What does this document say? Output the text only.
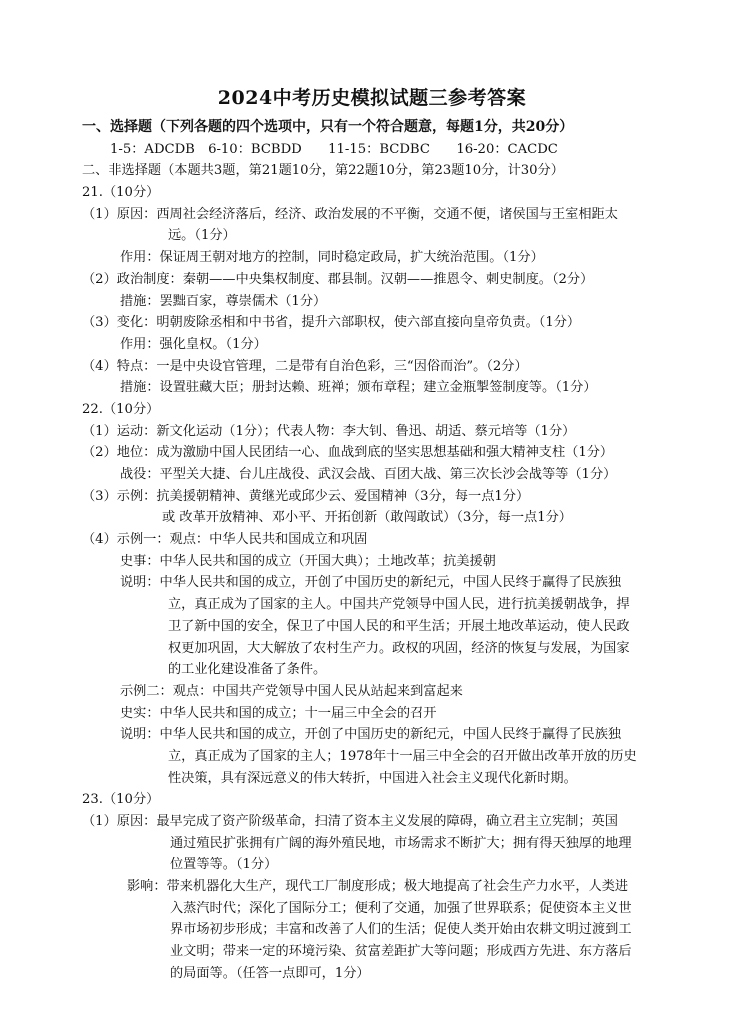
2024中考历史模拟试题三参考答案
一、选择题（下列各题的四个选项中，只有一个符合题意，每题1分，共20分）
1-5：ADCDB　6-10：BCBDD　　11-15：BCDBC　　16-20：CACDC
二、非选择题（本题共3题，第21题10分，第22题10分，第23题10分，计30分）
21.（10分）
（1）原因：西周社会经济落后，经济、政治发展的不平衡，交通不便，诸侯国与王室相距太
远。（1分）
作用：保证周王朝对地方的控制，同时稳定政局，扩大统治范围。（1分）
（2）政治制度：秦朝——中央集权制度、郡县制。汉朝——推恩令、刺史制度。（2分）
措施：罢黜百家，尊崇儒术（1分）
（3）变化：明朝废除丞相和中书省，提升六部职权，使六部直接向皇帝负责。（1分）
作用：强化皇权。（1分）
（4）特点：一是中央设官管理，二是带有自治色彩，三“因俗而治”。（2分）
措施：设置驻藏大臣；册封达赖、班禅；颁布章程；建立金瓶掣签制度等。（1分）
22.（10分）
（1）运动：新文化运动（1分）；代表人物：李大钊、鲁迅、胡适、蔡元培等（1分）
（2）地位：成为激励中国人民团结一心、血战到底的坚实思想基础和强大精神支柱（1分）
战役：平型关大捷、台儿庄战役、武汉会战、百团大战、第三次长沙会战等等（1分）
（3）示例：抗美援朝精神、黄继光或邱少云、爱国精神（3分，每一点1分）
或 改革开放精神、邓小平、开拓创新（敢闯敢试）（3分，每一点1分）
（4）示例一：观点：中华人民共和国成立和巩固
史事：中华人民共和国的成立（开国大典）；土地改革；抗美援朝
说明：中华人民共和国的成立，开创了中国历史的新纪元，中国人民终于赢得了民族独
立，真正成为了国家的主人。中国共产党领导中国人民，进行抗美援朝战争，捍
卫了新中国的安全，保卫了中国人民的和平生活；开展土地改革运动，使人民政
权更加巩固，大大解放了农村生产力。政权的巩固，经济的恢复与发展，为国家
的工业化建设准备了条件。
示例二：观点：中国共产党领导中国人民从站起来到富起来
史实：中华人民共和国的成立；十一届三中全会的召开
说明：中华人民共和国的成立，开创了中国历史的新纪元，中国人民终于赢得了民族独
立，真正成为了国家的主人；1978年十一届三中全会的召开做出改革开放的历史
性决策，具有深远意义的伟大转折，中国进入社会主义现代化新时期。
23.（10分）
（1）原因：最早完成了资产阶级革命，扫清了资本主义发展的障碍，确立君主立宪制；英国
通过殖民扩张拥有广阔的海外殖民地，市场需求不断扩大；拥有得天独厚的地理
位置等等。（1分）
影响：带来机器化大生产，现代工厂制度形成；极大地提高了社会生产力水平，人类进
入蒸汽时代；深化了国际分工；便利了交通，加强了世界联系；促使资本主义世
界市场初步形成；丰富和改善了人们的生活；促使人类开始由农耕文明过渡到工
业文明；带来一定的环境污染、贫富差距扩大等问题；形成西方先进、东方落后
的局面等。（任答一点即可，1分）
